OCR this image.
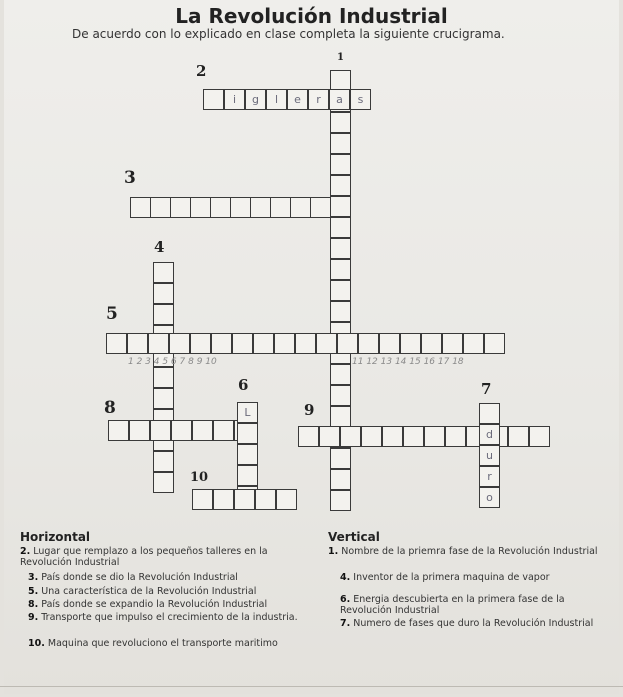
La Revolución Industrial
De acuerdo con lo explicado en clase completa la siguiente crucigrama.
i	g	l	e	r	a	s
L
d
u
r
o
1
2
3
4
5
6	7
8	9
10
1 2 3 4 5 6 7 8 9 10	11 12 13 14 15 16 17 18
Horizontal	Vertical
2. Lugar que remplazo a los pequeños talleres en la Revolución Industrial
3. País donde se dio la Revolución Industrial
5. Una característica de la Revolución Industrial
8. País donde se expandio la Revolución Industrial
9. Transporte que impulso el crecimiento de la industria.
10. Maquina que revoluciono el transporte maritimo
1. Nombre de la priemra fase de la Revolución Industrial
4. Inventor de la primera maquina de vapor
6. Energia descubierta en la primera fase de la Revolución Industrial
7. Numero de fases que duro la Revolución Industrial
